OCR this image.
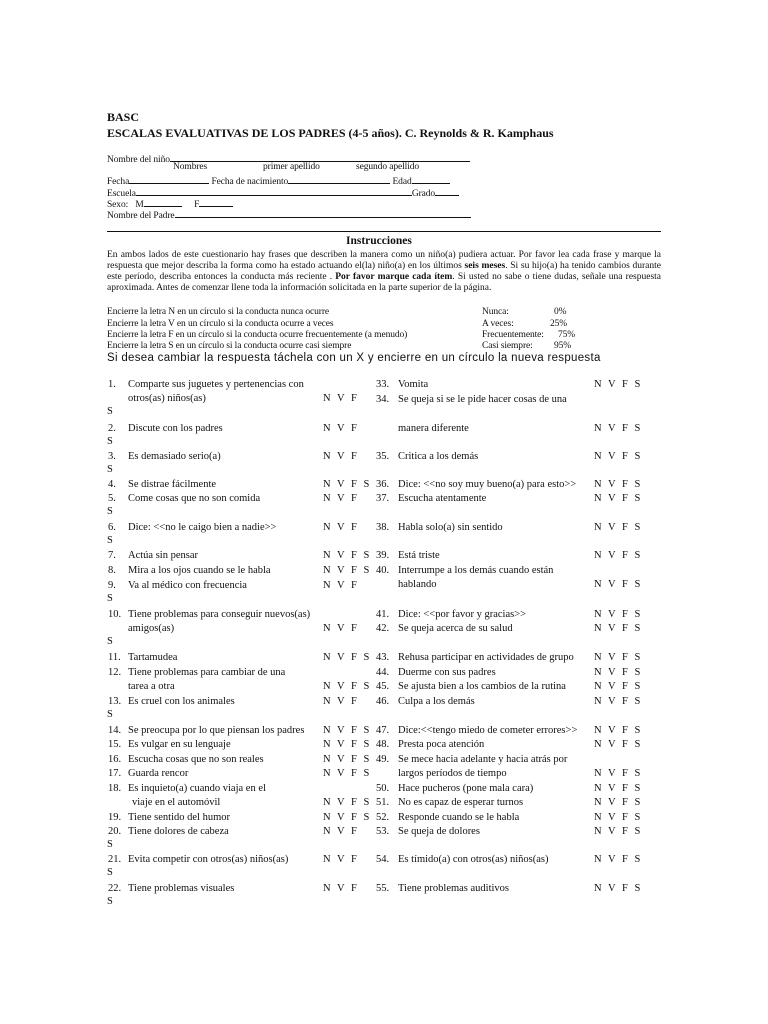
BASC
ESCALAS EVALUATIVAS DE LOS PADRES (4-5 años). C. Reynolds & R. Kamphaus
Nombre del niño
Nombres	primer apellido	segundo apellido
Fecha	Fecha de nacimiento	Edad
Escuela	Grado
Sexo: M	F
Nombre del Padre
Instrucciones
En ambos lados de este cuestionario hay frases que describen la manera como un niño(a) pudiera actuar. Por favor lea cada frase y marque la respuesta que mejor describa la forma como ha estado actuando el(la) niño(a) en los últimos seis meses. Si su hijo(a) ha tenido cambios durante este período, describa entonces la conducta más reciente . Por favor marque cada ítem. Si usted no sabe o tiene dudas, señale una respuesta aproximada. Antes de comenzar llene toda la información solicitada en la parte superior de la página.
Encierre la letra N en un círculo si la conducta nunca ocurre	Nunca:	0%
Encierre la letra V en un círculo si la conducta ocurre a veces	A veces:	25%
Encierre la letra F en un círculo si la conducta ocurre frecuentemente (a menudo)	Frecuentemente: 75%
Encierre la letra S en un círculo si la conducta ocurre casi siempre	Casi siempre: 95%
Si desea cambiar la respuesta táchela con un X y encierre en un círculo la nueva respuesta
1. Comparte sus juguetes y pertenencias con
otros(as) niños(as)	N V F
S
2. Discute con los padres	N V F
S
3. Es demasiado serio(a)	N V F
S
4. Se distrae fácilmente	N V F S
5. Come cosas que no son comida	N V F
S
6. Dice: <<no le caigo bien a nadie>>	N V F
S
7. Actúa sin pensar	N V F S
8. Mira a los ojos cuando se le habla	N V F S
9. Va al médico con frecuencia	N V F
S
10. Tiene problemas para conseguir nuevos(as)
amigos(as)	N V F
S
11. Tartamudea	N V F S
12. Tiene problemas para cambiar de una
tarea a otra	N V F S
13. Es cruel con los animales	N V F
S
14. Se preocupa por lo que piensan los padres N V F S
15. Es vulgar en su lenguaje	N V F S
16. Escucha cosas que no son reales	N V F S
17. Guarda rencor	N V F S
18. Es inquieto(a) cuando viaja en el
viaje en el automóvil	N V F S
19. Tiene sentido del humor	N V F S
20. Tiene dolores de cabeza	N V F
S
21. Evita competir con otros(as) niños(as)	N V F
S
22. Tiene problemas visuales	N V F
S
33. Vomita	N V F S
34. Se queja si se le pide hacer cosas de una
manera diferente	N V F S
35. Critica a los demás	N V F S
36. Dice: <<no soy muy bueno(a) para esto>> N V F S
37. Escucha atentamente	N V F S
38. Habla solo(a) sin sentido	N V F S
39. Está triste	N V F S
40. Interrumpe a los demás cuando están
hablando	N V F S
41. Dice: <<por favor y gracias>>	N V F S
42. Se queja acerca de su salud	N V F S
43. Rehusa participar en actividades de grupo N V F S
44. Duerme con sus padres	N V F S
45. Se ajusta bien a los cambios de la rutina	N V F S
46. Culpa a los demás	N V F S
47. Dice:<<tengo miedo de cometer errores>> N V F S
48. Presta poca atención	N V F S
49. Se mece hacia adelante y hacia atrás por
largos períodos de tiempo	N V F S
50. Hace pucheros (pone mala cara)	N V F S
51. No es capaz de esperar turnos	N V F S
52. Responde cuando se le habla	N V F S
53. Se queja de dolores	N V F S
54. Es tímido(a) con otros(as) niños(as)	N V F S
55. Tiene problemas auditivos	N V F S
